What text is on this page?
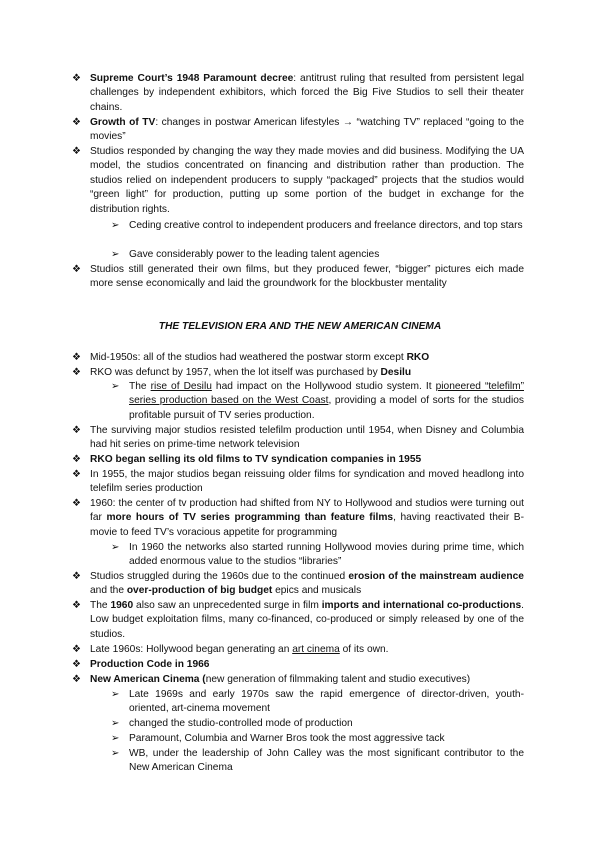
❖ Supreme Court’s 1948 Paramount decree: antitrust ruling that resulted from persistent legal challenges by independent exhibitors, which forced the Big Five Studios to sell their theater chains.
❖ Growth of TV: changes in postwar American lifestyles → “watching TV” replaced “going to the movies”
❖ Studios responded by changing the way they made movies and did business. Modifying the UA model, the studios concentrated on financing and distribution rather than production. The studios relied on independent producers to supply “packaged” projects that the studios would “green light” for production, putting up some portion of the budget in exchange for the distribution rights.
➢ Ceding creative control to independent producers and freelance directors, and top stars
➢ Gave considerably power to the leading talent agencies
❖ Studios still generated their own films, but they produced fewer, “bigger” pictures eich made more sense economically and laid the groundwork for the blockbuster mentality
THE TELEVISION ERA AND THE NEW AMERICAN CINEMA
❖ Mid-1950s: all of the studios had weathered the postwar storm except RKO
❖ RKO was defunct by 1957, when the lot itself was purchased by Desilu
➢ The rise of Desilu had impact on the Hollywood studio system. It pioneered “telefilm” series production based on the West Coast, providing a model of sorts for the studios profitable pursuit of TV series production.
❖ The surviving major studios resisted telefilm production until 1954, when Disney and Columbia had hit series on prime-time network television
❖ RKO began selling its old films to TV syndication companies in 1955
❖ In 1955, the major studios began reissuing older films for syndication and moved headlong into telefilm series production
❖ 1960: the center of tv production had shifted from NY to Hollywood and studios were turning out far more hours of TV series programming than feature films, having reactivated their B-movie to feed TV’s voracious appetite for programming
➢ In 1960 the networks also started running Hollywood movies during prime time, which added enormous value to the studios “libraries”
❖ Studios struggled during the 1960s due to the continued erosion of the mainstream audience and the over-production of big budget epics and musicals
❖ The 1960 also saw an unprecedented surge in film imports and international co-productions. Low budget exploitation films, many co-financed, co-produced or simply released by one of the studios.
❖ Late 1960s: Hollywood began generating an art cinema of its own.
❖ Production Code in 1966
❖ New American Cinema (new generation of filmmaking talent and studio executives)
➢ Late 1969s and early 1970s saw the rapid emergence of director-driven, youth-oriented, art-cinema movement
➢ changed the studio-controlled mode of production
➢ Paramount, Columbia and Warner Bros took the most aggressive tack
➢ WB, under the leadership of John Calley was the most significant contributor to the New American Cinema
